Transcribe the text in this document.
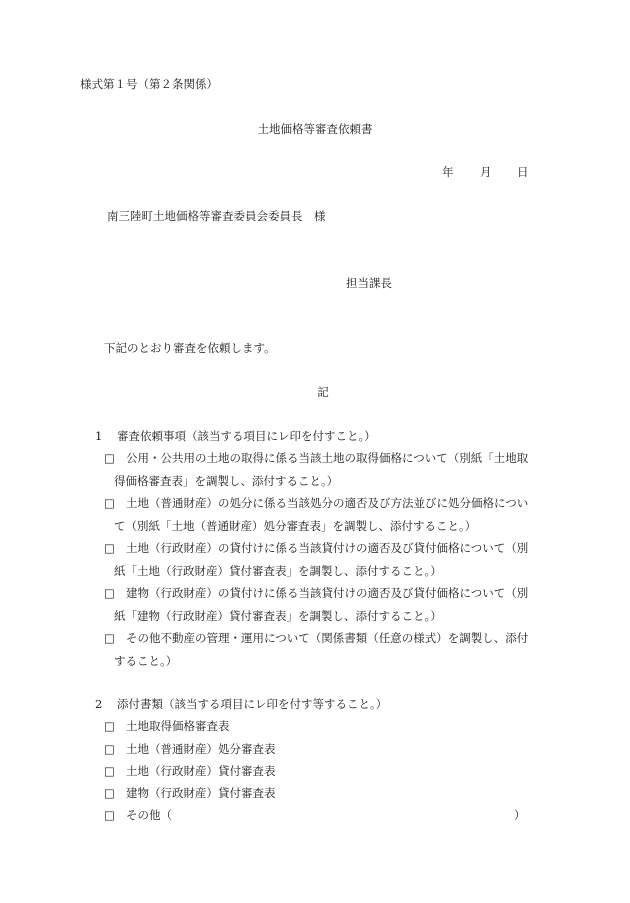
様式第１号（第２条関係）
土地価格等審査依頼書
年 月 日
南三陸町土地価格等審査委員会委員長　様
担当課長
下記のとおり審査を依頼します。
記
1 審査依頼事項（該当する項目にレ印を付すこと。）
□ 公用・公共用の土地の取得に係る当該土地の取得価格について（別紙「土地取
得価格審査表」を調製し、添付すること。）
□ 土地（普通財産）の処分に係る当該処分の適否及び方法並びに処分価格につい
て（別紙「土地（普通財産）処分審査表」を調製し、添付すること。）
□ 土地（行政財産）の貸付けに係る当該貸付けの適否及び貸付価格について（別
紙「土地（行政財産）貸付審査表」を調製し、添付すること。）
□ 建物（行政財産）の貸付けに係る当該貸付けの適否及び貸付価格について（別
紙「建物（行政財産）貸付審査表」を調製し、添付すること。）
□ その他不動産の管理・運用について（関係書類（任意の様式）を調製し、添付
すること。）
2 添付書類（該当する項目にレ印を付す等すること。）
□ 土地取得価格審査表
□ 土地（普通財産）処分審査表
□ 土地（行政財産）貸付審査表
□ 建物（行政財産）貸付審査表
□ その他（	）
